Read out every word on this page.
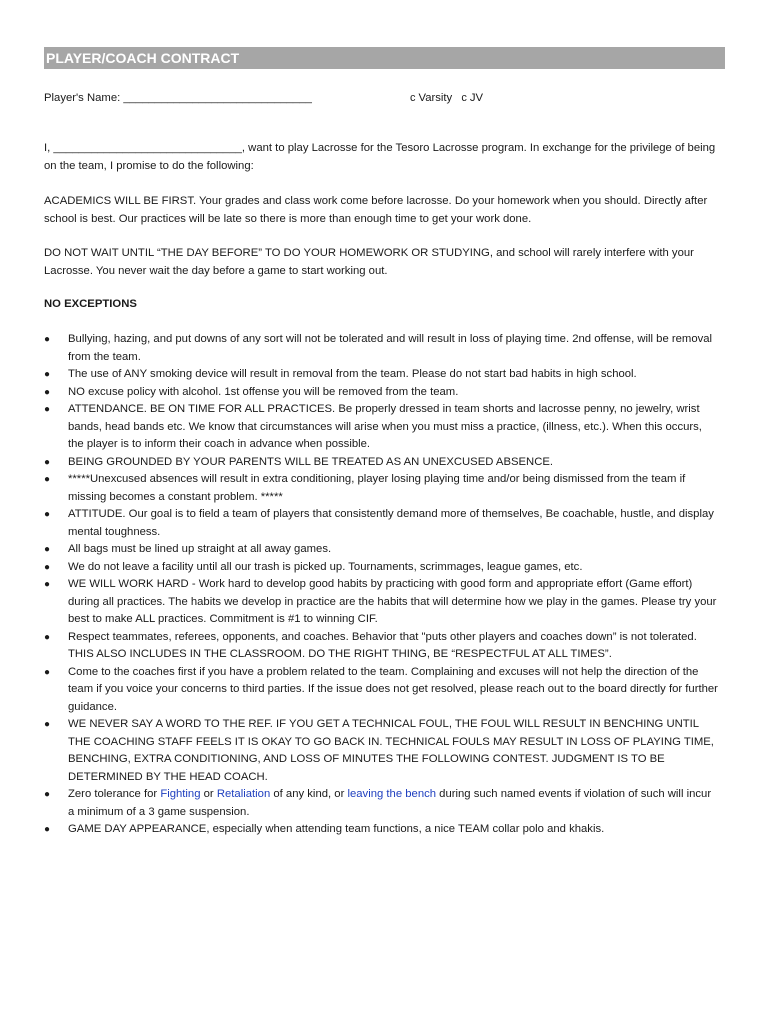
PLAYER/COACH CONTRACT
Player's Name: ______________________________	c Varsity c JV

I, ______________________________, want to play Lacrosse for the Tesoro Lacrosse program. In exchange for the privilege of being on the team, I promise to do the following:

ACADEMICS WILL BE FIRST. Your grades and class work come before lacrosse. Do your homework when you should. Directly after school is best. Our practices will be late so there is more than enough time to get your work done.

DO NOT WAIT UNTIL “THE DAY BEFORE” TO DO YOUR HOMEWORK OR STUDYING, and school will rarely interfere with your Lacrosse. You never wait the day before a game to start working out.

NO EXCEPTIONS

● Bullying, hazing, and put downs of any sort will not be tolerated and will result in loss of playing time. 2nd offense, will be removal from the team.
● The use of ANY smoking device will result in removal from the team. Please do not start bad habits in high school.
● NO excuse policy with alcohol. 1st offense you will be removed from the team.
● ATTENDANCE. BE ON TIME FOR ALL PRACTICES. Be properly dressed in team shorts and lacrosse penny, no jewelry, wrist bands, head bands etc. We know that circumstances will arise when you must miss a practice, (illness, etc.). When this occurs, the player is to inform their coach in advance when possible.
● BEING GROUNDED BY YOUR PARENTS WILL BE TREATED AS AN UNEXCUSED ABSENCE.
● *****Unexcused absences will result in extra conditioning, player losing playing time and/or being dismissed from the team if missing becomes a constant problem. *****
● ATTITUDE. Our goal is to field a team of players that consistently demand more of themselves, Be coachable, hustle, and display mental toughness.
● All bags must be lined up straight at all away games.
● We do not leave a facility until all our trash is picked up. Tournaments, scrimmages, league games, etc.
● WE WILL WORK HARD - Work hard to develop good habits by practicing with good form and appropriate effort (Game effort) during all practices. The habits we develop in practice are the habits that will determine how we play in the games. Please try your best to make ALL practices. Commitment is #1 to winning CIF.
● Respect teammates, referees, opponents, and coaches. Behavior that "puts other players and coaches down” is not tolerated. THIS ALSO INCLUDES IN THE CLASSROOM. DO THE RIGHT THING, BE “RESPECTFUL AT ALL TIMES”.
● Come to the coaches first if you have a problem related to the team. Complaining and excuses will not help the direction of the team if you voice your concerns to third parties. If the issue does not get resolved, please reach out to the board directly for further guidance.
● WE NEVER SAY A WORD TO THE REF. IF YOU GET A TECHNICAL FOUL, THE FOUL WILL RESULT IN BENCHING UNTIL THE COACHING STAFF FEELS IT IS OKAY TO GO BACK IN. TECHNICAL FOULS MAY RESULT IN LOSS OF PLAYING TIME, BENCHING, EXTRA CONDITIONING, AND LOSS OF MINUTES THE FOLLOWING CONTEST. JUDGMENT IS TO BE DETERMINED BY THE HEAD COACH.
● Zero tolerance for Fighting or Retaliation of any kind, or leaving the bench during such named events if violation of such will incur a minimum of a 3 game suspension.
● GAME DAY APPEARANCE, especially when attending team functions, a nice TEAM collar polo and khakis.
